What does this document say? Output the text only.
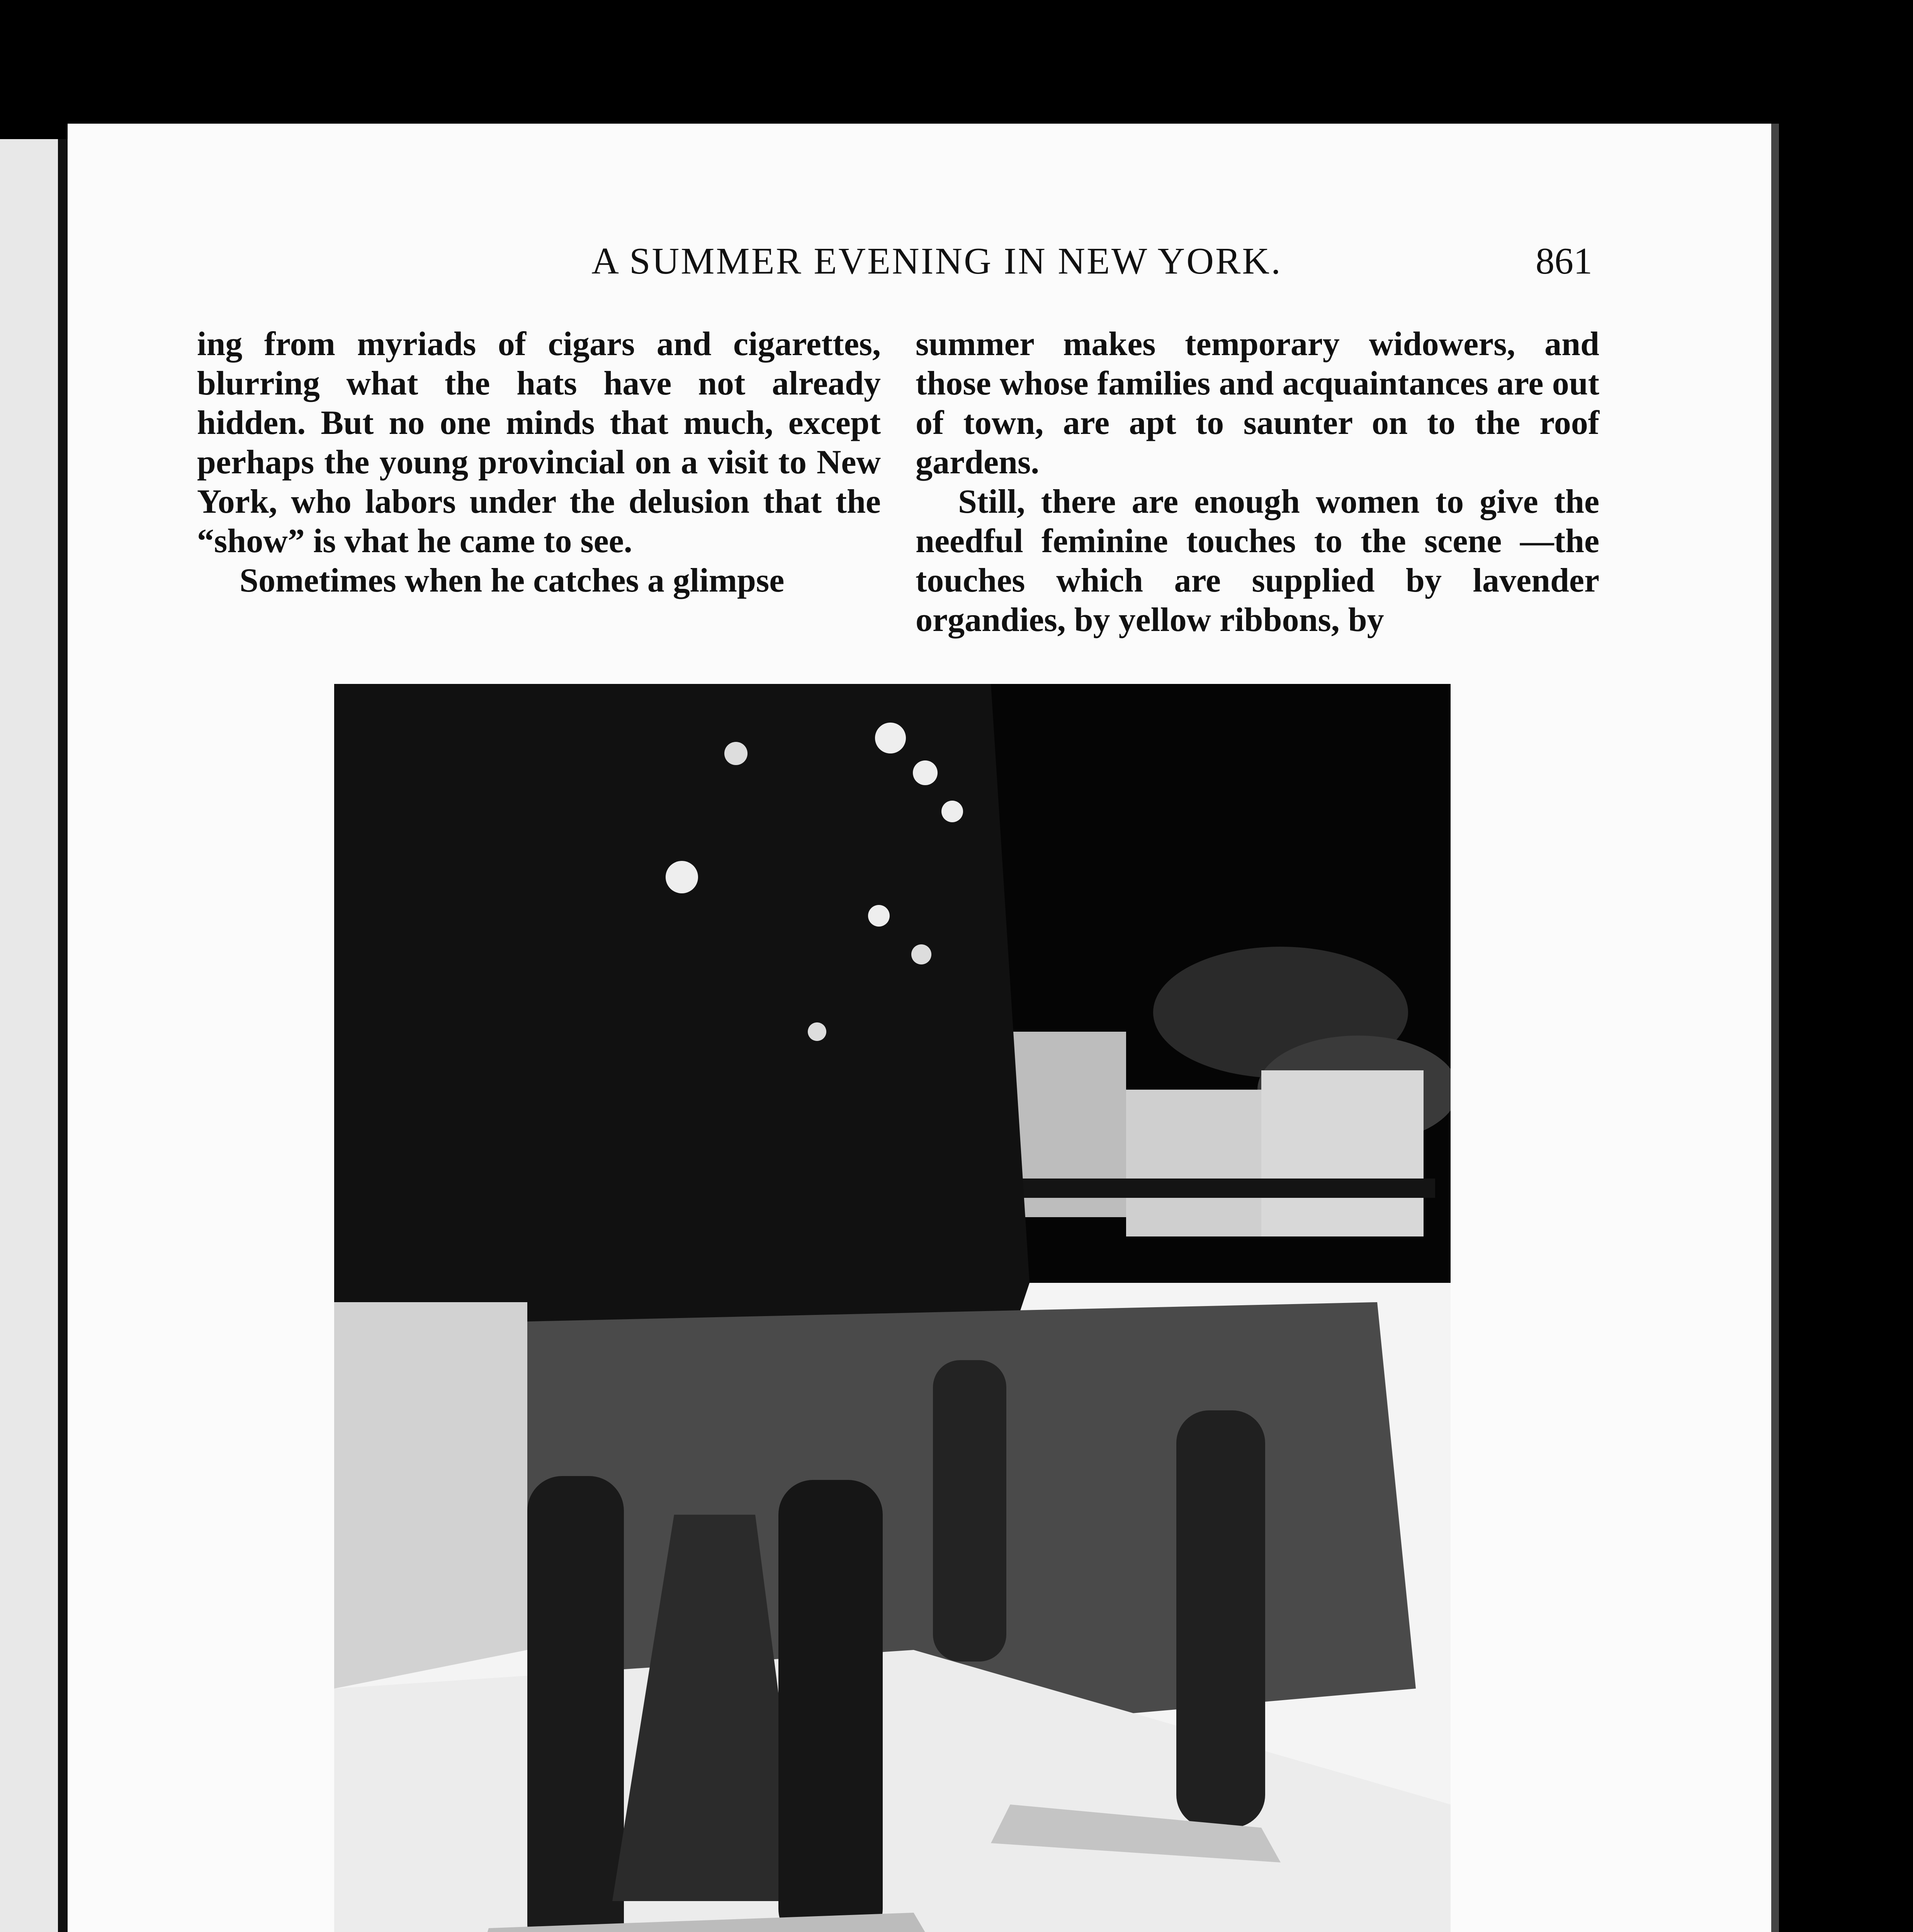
A SUMMER EVENING IN NEW YORK.	861

ing from myriads of cigars and cigarettes, blurring what the hats have not already hidden. But no one minds that much, except perhaps the young provincial on a visit to New York, who labors under the delusion that the “show” is vhat he came to see.

Sometimes when he catches a glimpse

summer makes temporary widowers, and those whose families and acquaintances are out of town, are apt to saunter on to the roof gardens.

Still, there are enough women to give the needful feminine touches to the scene —the touches which are supplied by lavender organdies, by yellow ribbons, by
